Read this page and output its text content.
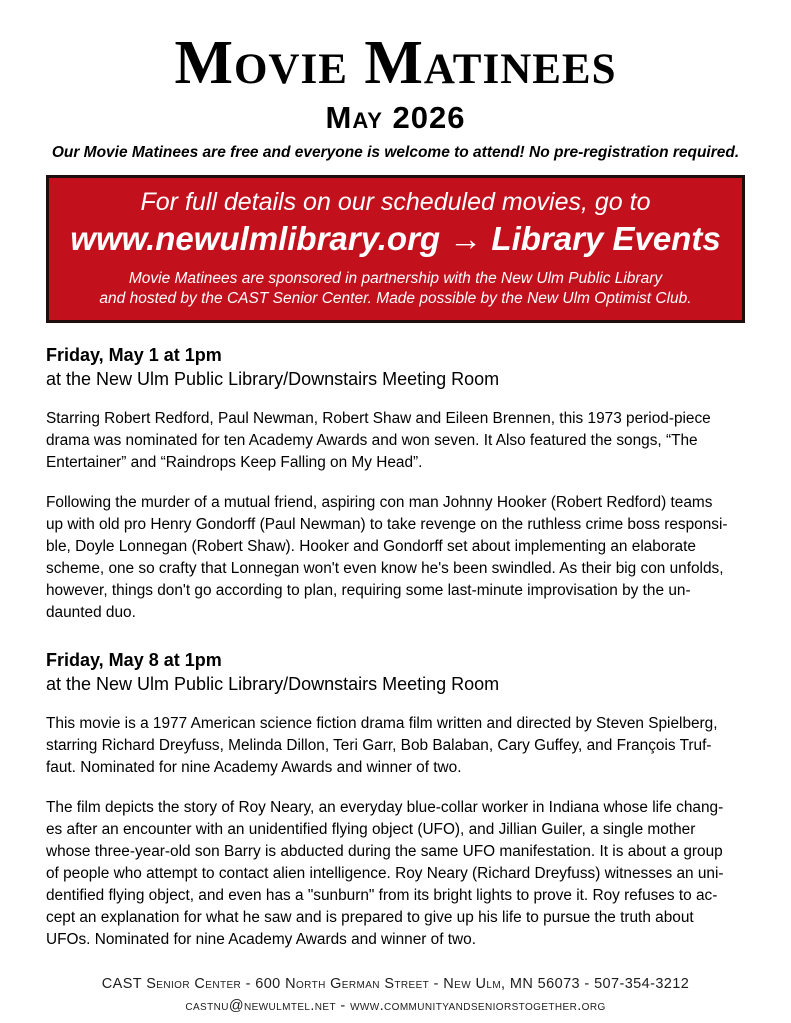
Movie Matinees
May 2026
Our Movie Matinees are free and everyone is welcome to attend! No pre-registration required.
For full details on our scheduled movies, go to
www.newulmlibrary.org → Library Events
Movie Matinees are sponsored in partnership with the New Ulm Public Library
and hosted by the CAST Senior Center. Made possible by the New Ulm Optimist Club.
Friday, May 1 at 1pm
at the New Ulm Public Library/Downstairs Meeting Room

Starring Robert Redford, Paul Newman, Robert Shaw and Eileen Brennen, this 1973 period-piece
drama was nominated for ten Academy Awards and won seven. It Also featured the songs, “The
Entertainer” and “Raindrops Keep Falling on My Head”.

Following the murder of a mutual friend, aspiring con man Johnny Hooker (Robert Redford) teams
up with old pro Henry Gondorff (Paul Newman) to take revenge on the ruthless crime boss responsi-
ble, Doyle Lonnegan (Robert Shaw). Hooker and Gondorff set about implementing an elaborate
scheme, one so crafty that Lonnegan won't even know he's been swindled. As their big con unfolds,
however, things don't go according to plan, requiring some last-minute improvisation by the un-
daunted duo.

Friday, May 8 at 1pm
at the New Ulm Public Library/Downstairs Meeting Room

This movie is a 1977 American science fiction drama film written and directed by Steven Spielberg,
starring Richard Dreyfuss, Melinda Dillon, Teri Garr, Bob Balaban, Cary Guffey, and François Truf-
faut. Nominated for nine Academy Awards and winner of two.

The film depicts the story of Roy Neary, an everyday blue-collar worker in Indiana whose life chang-
es after an encounter with an unidentified flying object (UFO), and Jillian Guiler, a single mother
whose three-year-old son Barry is abducted during the same UFO manifestation. It is about a group
of people who attempt to contact alien intelligence. Roy Neary (Richard Dreyfuss) witnesses an uni-
dentified flying object, and even has a "sunburn" from its bright lights to prove it. Roy refuses to ac-
cept an explanation for what he saw and is prepared to give up his life to pursue the truth about
UFOs. Nominated for nine Academy Awards and winner of two.

CAST Senior Center - 600 North German Street - New Ulm, MN 56073 - 507-354-3212
castnu@newulmtel.net - www.communityandseniorstogether.org
